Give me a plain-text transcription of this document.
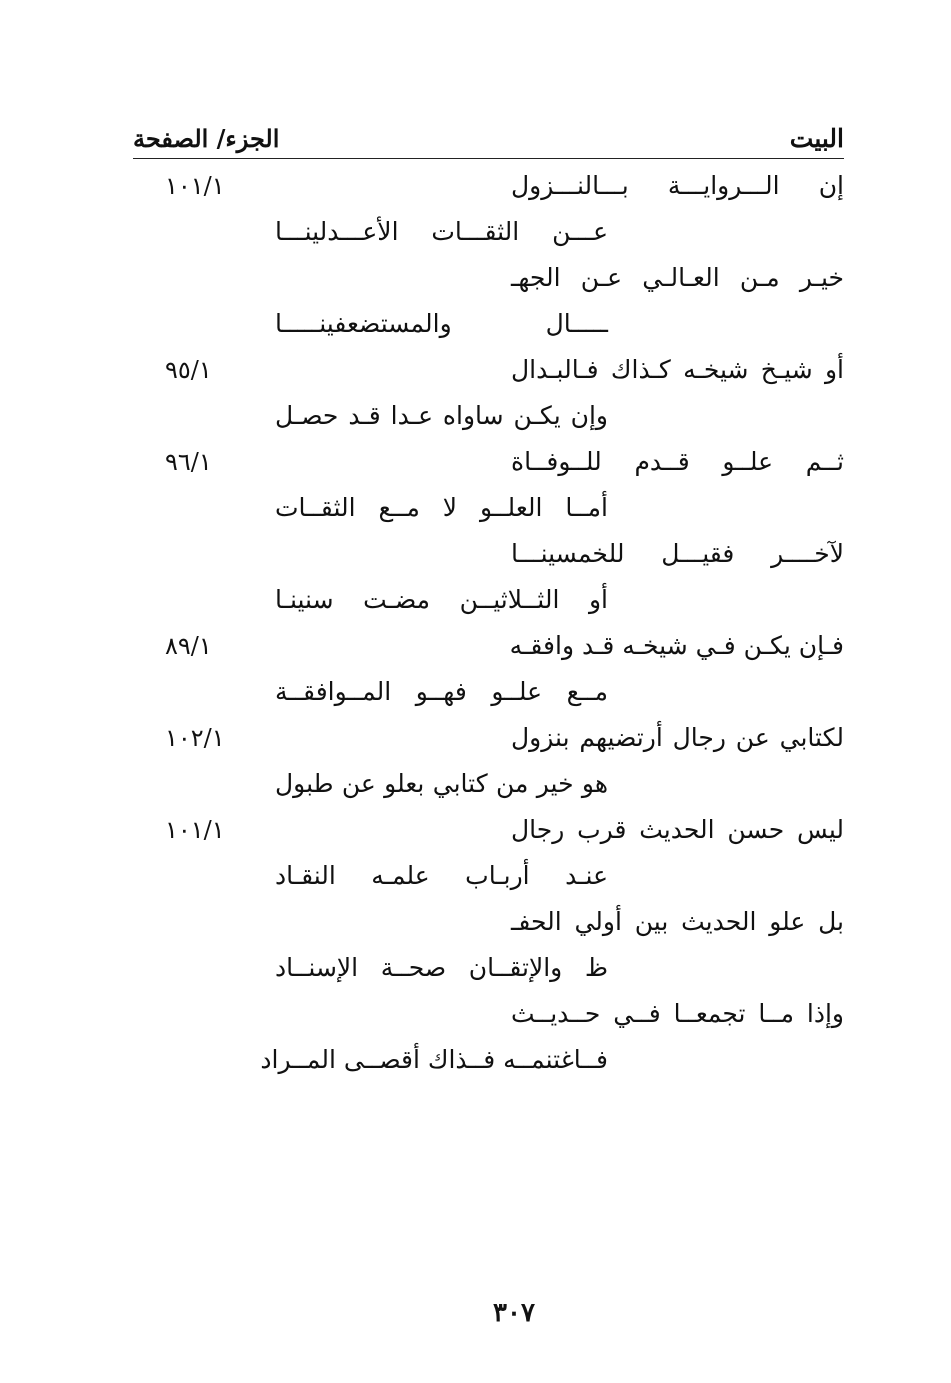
الجزء/ الصفحة	البيت
إن الـــروايـــة بـــالنـــزول
١٠١/١
عـــن الثقـــات الأعـــدلينـــا
خيـر مـن العـالـي عـن الجهـ
ـــــال والمستضعفينـــــا
أو شيـخ شيخـه كـذاك فـالبـدال
٩٥/١
وإن يكـن ساواه عـدا قـد حصـل
ثــم علــو قــدم للــوفــاة
٩٦/١
أمــا العلــو لا مــع الثقــات
لآخــــر فقيـــل للخمسينـــا
أو الثــلاثيــن مضـت سنينـا
فـإن يكـن فـي شيخـه قـد وافقـه
٨٩/١
مــع علــو فهــو المــوافقــة
لكتابي عن رجال أرتضيهم بنزول
١٠٢/١
هو خير من كتابي بعلو عن طبول
ليس حسن الحديث قرب رجال
١٠١/١
عنـد أربـاب علمـه النقـاد
بل علو الحديث بين أولي الحفـ
ظ والإتقــان صحــة الإسنــاد
وإذا مــا تجمعــا فــي حــديــث
فــاغتنمــه فــذاك أقصــى المــراد
٣٠٧
